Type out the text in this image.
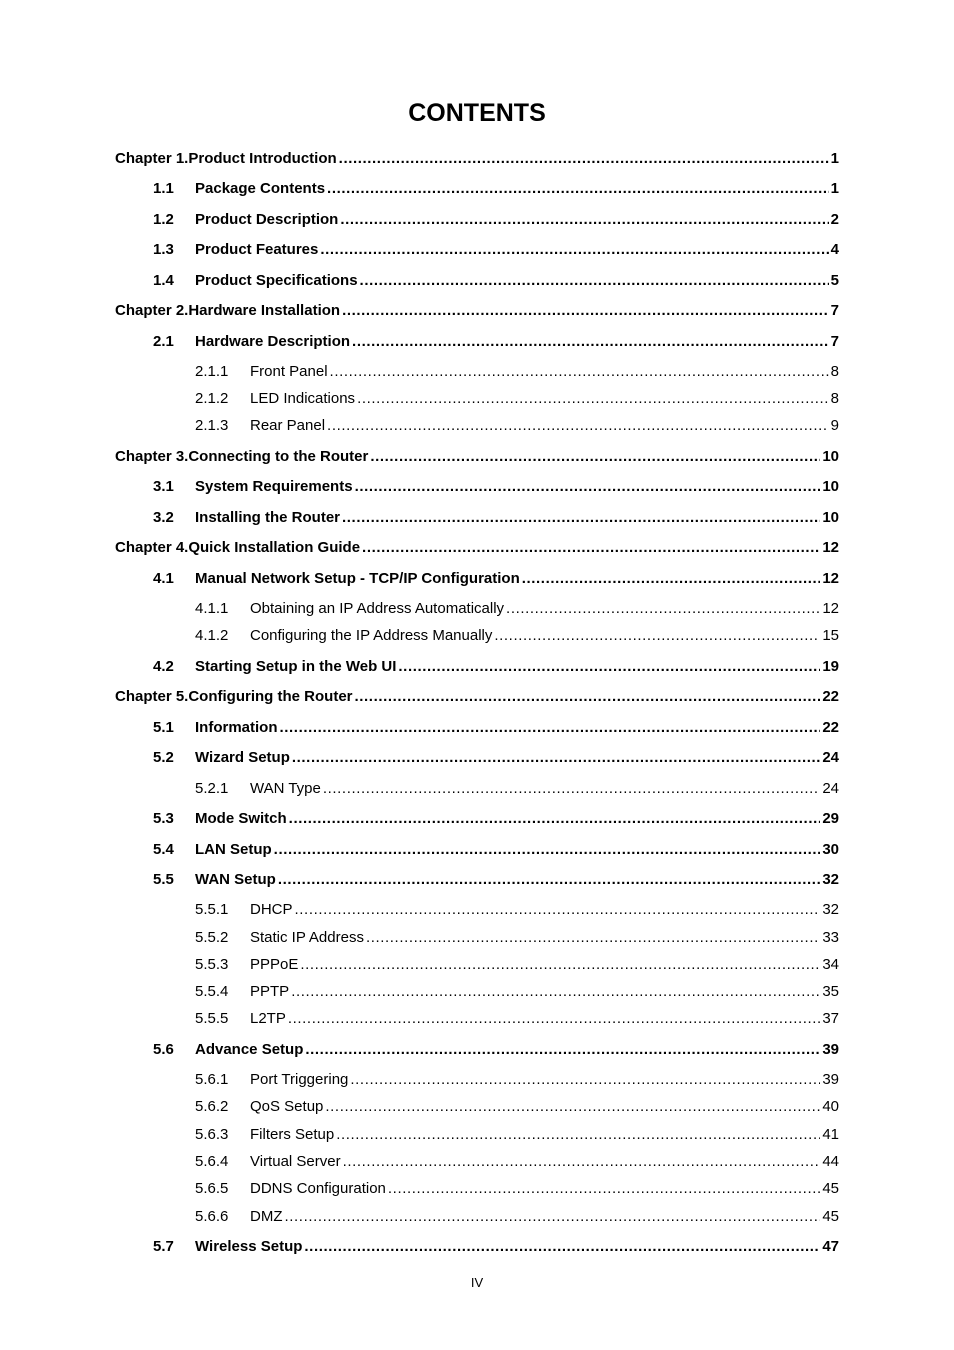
CONTENTS
Chapter 1.Product Introduction .....	1
1.1 Package Contents .....	1
1.2 Product Description .....	2
1.3 Product Features .....	4
1.4 Product Specifications .....	5
Chapter 2.Hardware Installation .....	7
2.1 Hardware Description .....	7
2.1.1 Front Panel .....	8
2.1.2 LED Indications .....	8
2.1.3 Rear Panel .....	9
Chapter 3.Connecting to the Router .....	10
3.1 System Requirements .....	10
3.2 Installing the Router .....	10
Chapter 4.Quick Installation Guide .....	12
4.1 Manual Network Setup - TCP/IP Configuration .....	12
4.1.1 Obtaining an IP Address Automatically .....	12
4.1.2 Configuring the IP Address Manually .....	15
4.2 Starting Setup in the Web UI .....	19
Chapter 5.Configuring the Router .....	22
5.1 Information .....	22
5.2 Wizard Setup .....	24
5.2.1 WAN Type .....	24
5.3 Mode Switch .....	29
5.4 LAN Setup .....	30
5.5 WAN Setup .....	32
5.5.1 DHCP .....	32
5.5.2 Static IP Address .....	33
5.5.3 PPPoE .....	34
5.5.4 PPTP .....	35
5.5.5 L2TP .....	37
5.6 Advance Setup .....	39
5.6.1 Port Triggering .....	39
5.6.2 QoS Setup .....	40
5.6.3 Filters Setup .....	41
5.6.4 Virtual Server .....	44
5.6.5 DDNS Configuration .....	45
5.6.6 DMZ .....	45
5.7 Wireless Setup .....	47
IV
